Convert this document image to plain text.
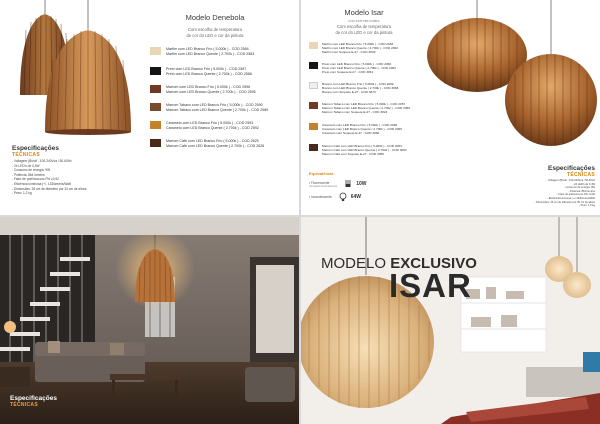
Modelo Denebola
Com escolha de temperatura
de cor do LED e cor da pintura
Marfim com LED Branco Frio ( 5.000k ) - COD 2584
Marfim com LED Branco Quente ( 2.700k ) - COD 2583
Preto com LED Branco Frio ( 5.000k ) - COD 2587
Preto com LED Branco Quente ( 2.700k ) - COD 2586
Marrom com LED Branco Frio ( 5.000k ) - COD 2596
Marrom com LED Branco Quente ( 2.700k ) - COD 2595
Marrom Tabaco com LED Branco Frio ( 5.000k ) - COD 2590
Marrom Tabaco com LED Branco Quente ( 2.700k ) - COD 2589
Caramelo com LED Branco Frio ( 5.000k ) - COD 2593
Caramelo com LED Branco Quente ( 2.700k ) - COD 2592
Marrom Café com LED Branco Frio ( 5.000k ) - COD 2625
Marrom Café com LED Branco Quente ( 2.700k ) - COD 2626
Especificações
TÉCNICAS
- Voltagem (Bivolt - 100-240Vca / 50-60Hz
- 24 LED's de 0,4W
- Consumo de energia: 9W
- Potência: 864 lúmens
- Fator de potência:cos Phi ≥0,92
- Eficiência luminosa:(+/- 133lúmens/Watt
- Dimensões: 26 cm de diâmetro por 34 cm de altura
- Peso: 1,2 kg
Modelo Isar
COD 6435 6BF 6438FF
Com escolha de temperatura
de cor do LED e cor da pintura
Marfim com LED Branco Frio ( 5.000k ) - COD 2683
Marfim com LED Branco Quente ( 2.700k ) - COD 2062
Marfim com Soquete E-27 - COD 3849
Preto com LED Branco Frio ( 5.000k ) - COD 2060
Preto com LED Branco Quente ( 2.700k ) - COD 2062
Preto com Soquete E-27 - COD 3841
Branco com LED Branco Frio ( 5.000k ) - COD 2069
Branco com LED Branco Quente ( 2.700k ) - COD 3068
Branco com Soquete E-27 - COD 3874
Marrom Tabaco com LED Branco Frio ( 5.000k ) - COD 2057
Marrom Tabaco com LED Branco Quente ( 2.700k ) - COD 2056
Marrom Tabaco com Soquete E-27 - COD 3824
Caramelo com LED Branco Frio ( 5.000k ) - COD 2066
Caramelo com LED Branco Quente ( 2.700k ) - COD 2065
Caramelo com Soquete E-27 - COD 3860
Marrom Café com LED Branco Frio ( 5.000k ) - COD 3054
Marrom Café com LED Branco Quente ( 2.700k ) - COD 3053
Marrom Café com Soquete E-27 - COD 3055
Equivalência
• Fluorescente
Compacta incandescente	10W
• Incandescente	64W
Especificações
TÉCNICAS
- Voltagem (Bivolt - 100-240Vca / 50-60Hz
- 24 LED's de 0,4W
- Consumo de energia: 9W
- Potência: 864 lúmens
- Fator de potência:cos Phi ≥0,92
- Eficiência luminosa: (+/-133lúmens/Watt
- Dimensões: 46 cm de diâmetro por 35 cm de altura
- Peso: 1,6 kg
Especificações
TÉCNICAS
MODELO EXCLUSIVO
ISAR
